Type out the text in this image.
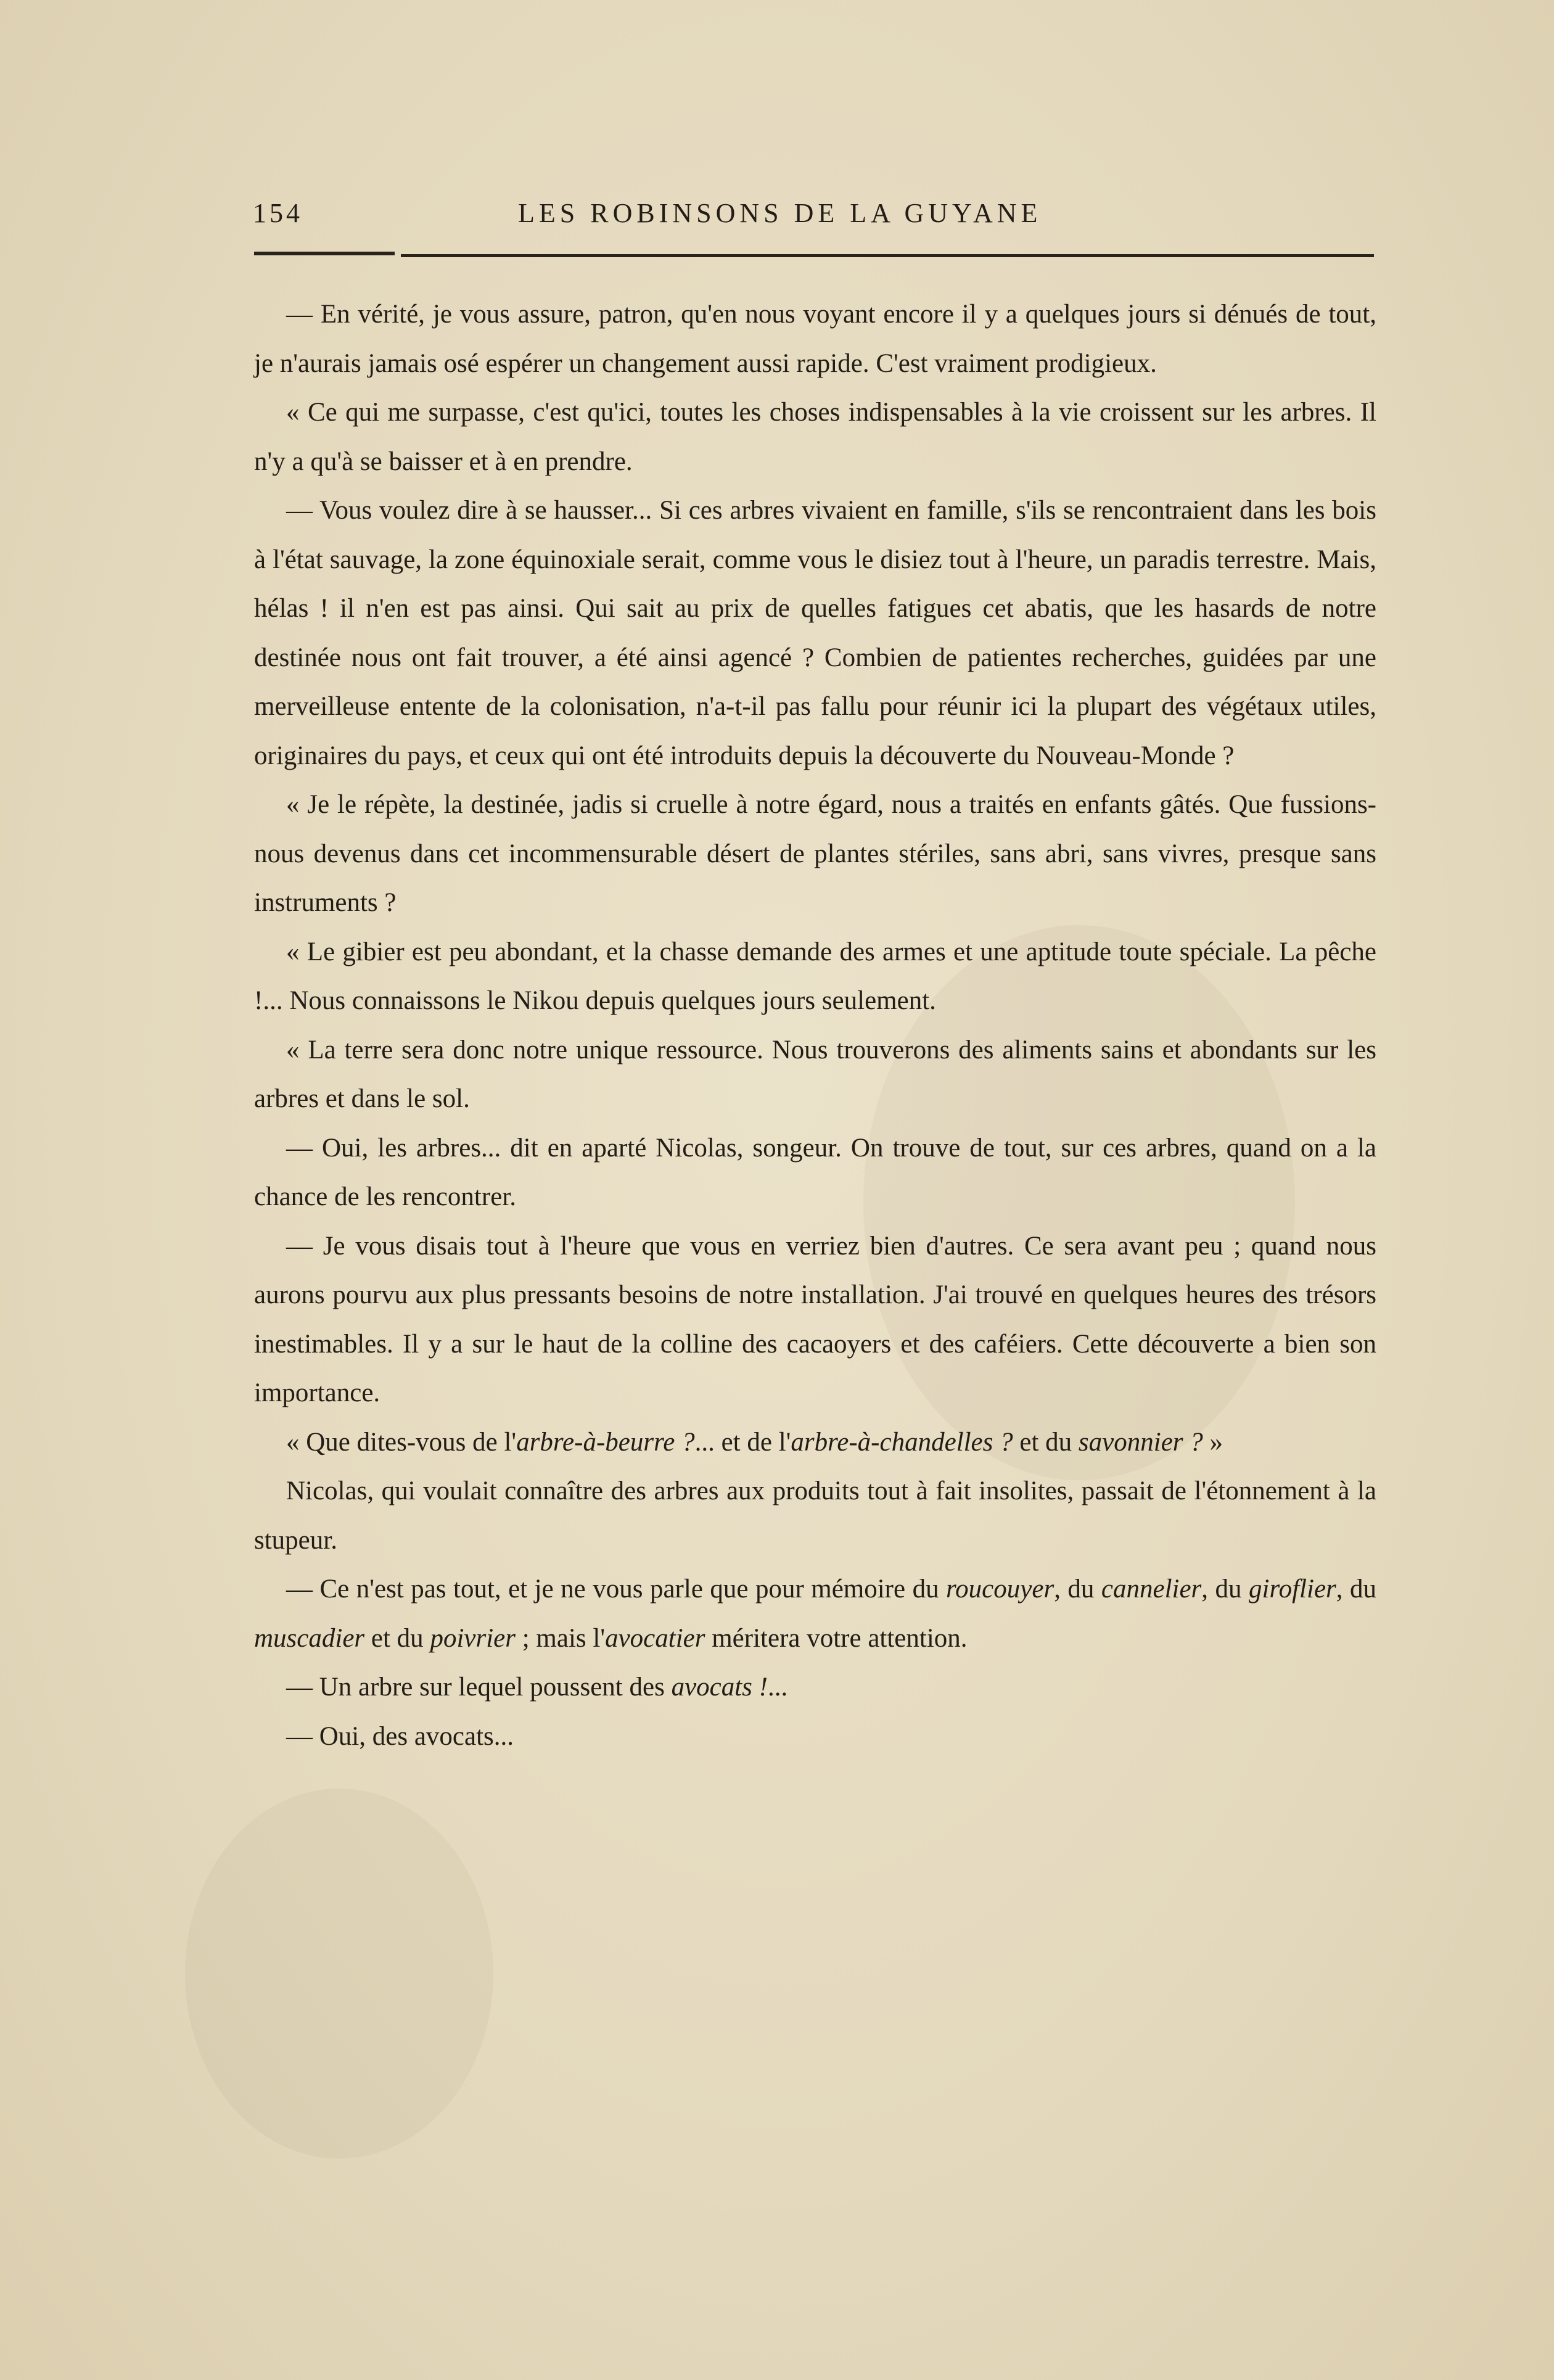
154	LES ROBINSONS DE LA GUYANE

— En vérité, je vous assure, patron, qu'en nous voyant encore il y a quelques jours si dénués de tout, je n'aurais jamais osé espérer un changement aussi rapide. C'est vraiment prodigieux.

« Ce qui me surpasse, c'est qu'ici, toutes les choses indispensables à la vie croissent sur les arbres. Il n'y a qu'à se baisser et à en prendre.

— Vous voulez dire à se hausser... Si ces arbres vivaient en famille, s'ils se rencontraient dans les bois à l'état sauvage, la zone équinoxiale serait, comme vous le disiez tout à l'heure, un paradis terrestre. Mais, hélas ! il n'en est pas ainsi. Qui sait au prix de quelles fatigues cet abatis, que les hasards de notre destinée nous ont fait trouver, a été ainsi agencé ? Combien de patientes recherches, guidées par une merveilleuse entente de la colonisation, n'a-t-il pas fallu pour réunir ici la plupart des végétaux utiles, originaires du pays, et ceux qui ont été introduits depuis la découverte du Nouveau-Monde ?

« Je le répète, la destinée, jadis si cruelle à notre égard, nous a traités en enfants gâtés. Que fussions-nous devenus dans cet incommensurable désert de plantes stériles, sans abri, sans vivres, presque sans instruments ?

« Le gibier est peu abondant, et la chasse demande des armes et une aptitude toute spéciale. La pêche !... Nous connaissons le Nikou depuis quelques jours seulement.

« La terre sera donc notre unique ressource. Nous trouverons des aliments sains et abondants sur les arbres et dans le sol.

— Oui, les arbres... dit en aparté Nicolas, songeur. On trouve de tout, sur ces arbres, quand on a la chance de les rencontrer.

— Je vous disais tout à l'heure que vous en verriez bien d'autres. Ce sera avant peu ; quand nous aurons pourvu aux plus pressants besoins de notre installation. J'ai trouvé en quelques heures des trésors inestimables. Il y a sur le haut de la colline des cacaoyers et des caféiers. Cette découverte a bien son importance.

« Que dites-vous de l'arbre-à-beurre ?... et de l'arbre-à-chandelles ? et du savonnier ? »

Nicolas, qui voulait connaître des arbres aux produits tout à fait insolites, passait de l'étonnement à la stupeur.

— Ce n'est pas tout, et je ne vous parle que pour mémoire du roucouyer, du cannelier, du giroflier, du muscadier et du poivrier ; mais l'avocatier méritera votre attention.

— Un arbre sur lequel poussent des avocats !...

— Oui, des avocats...
